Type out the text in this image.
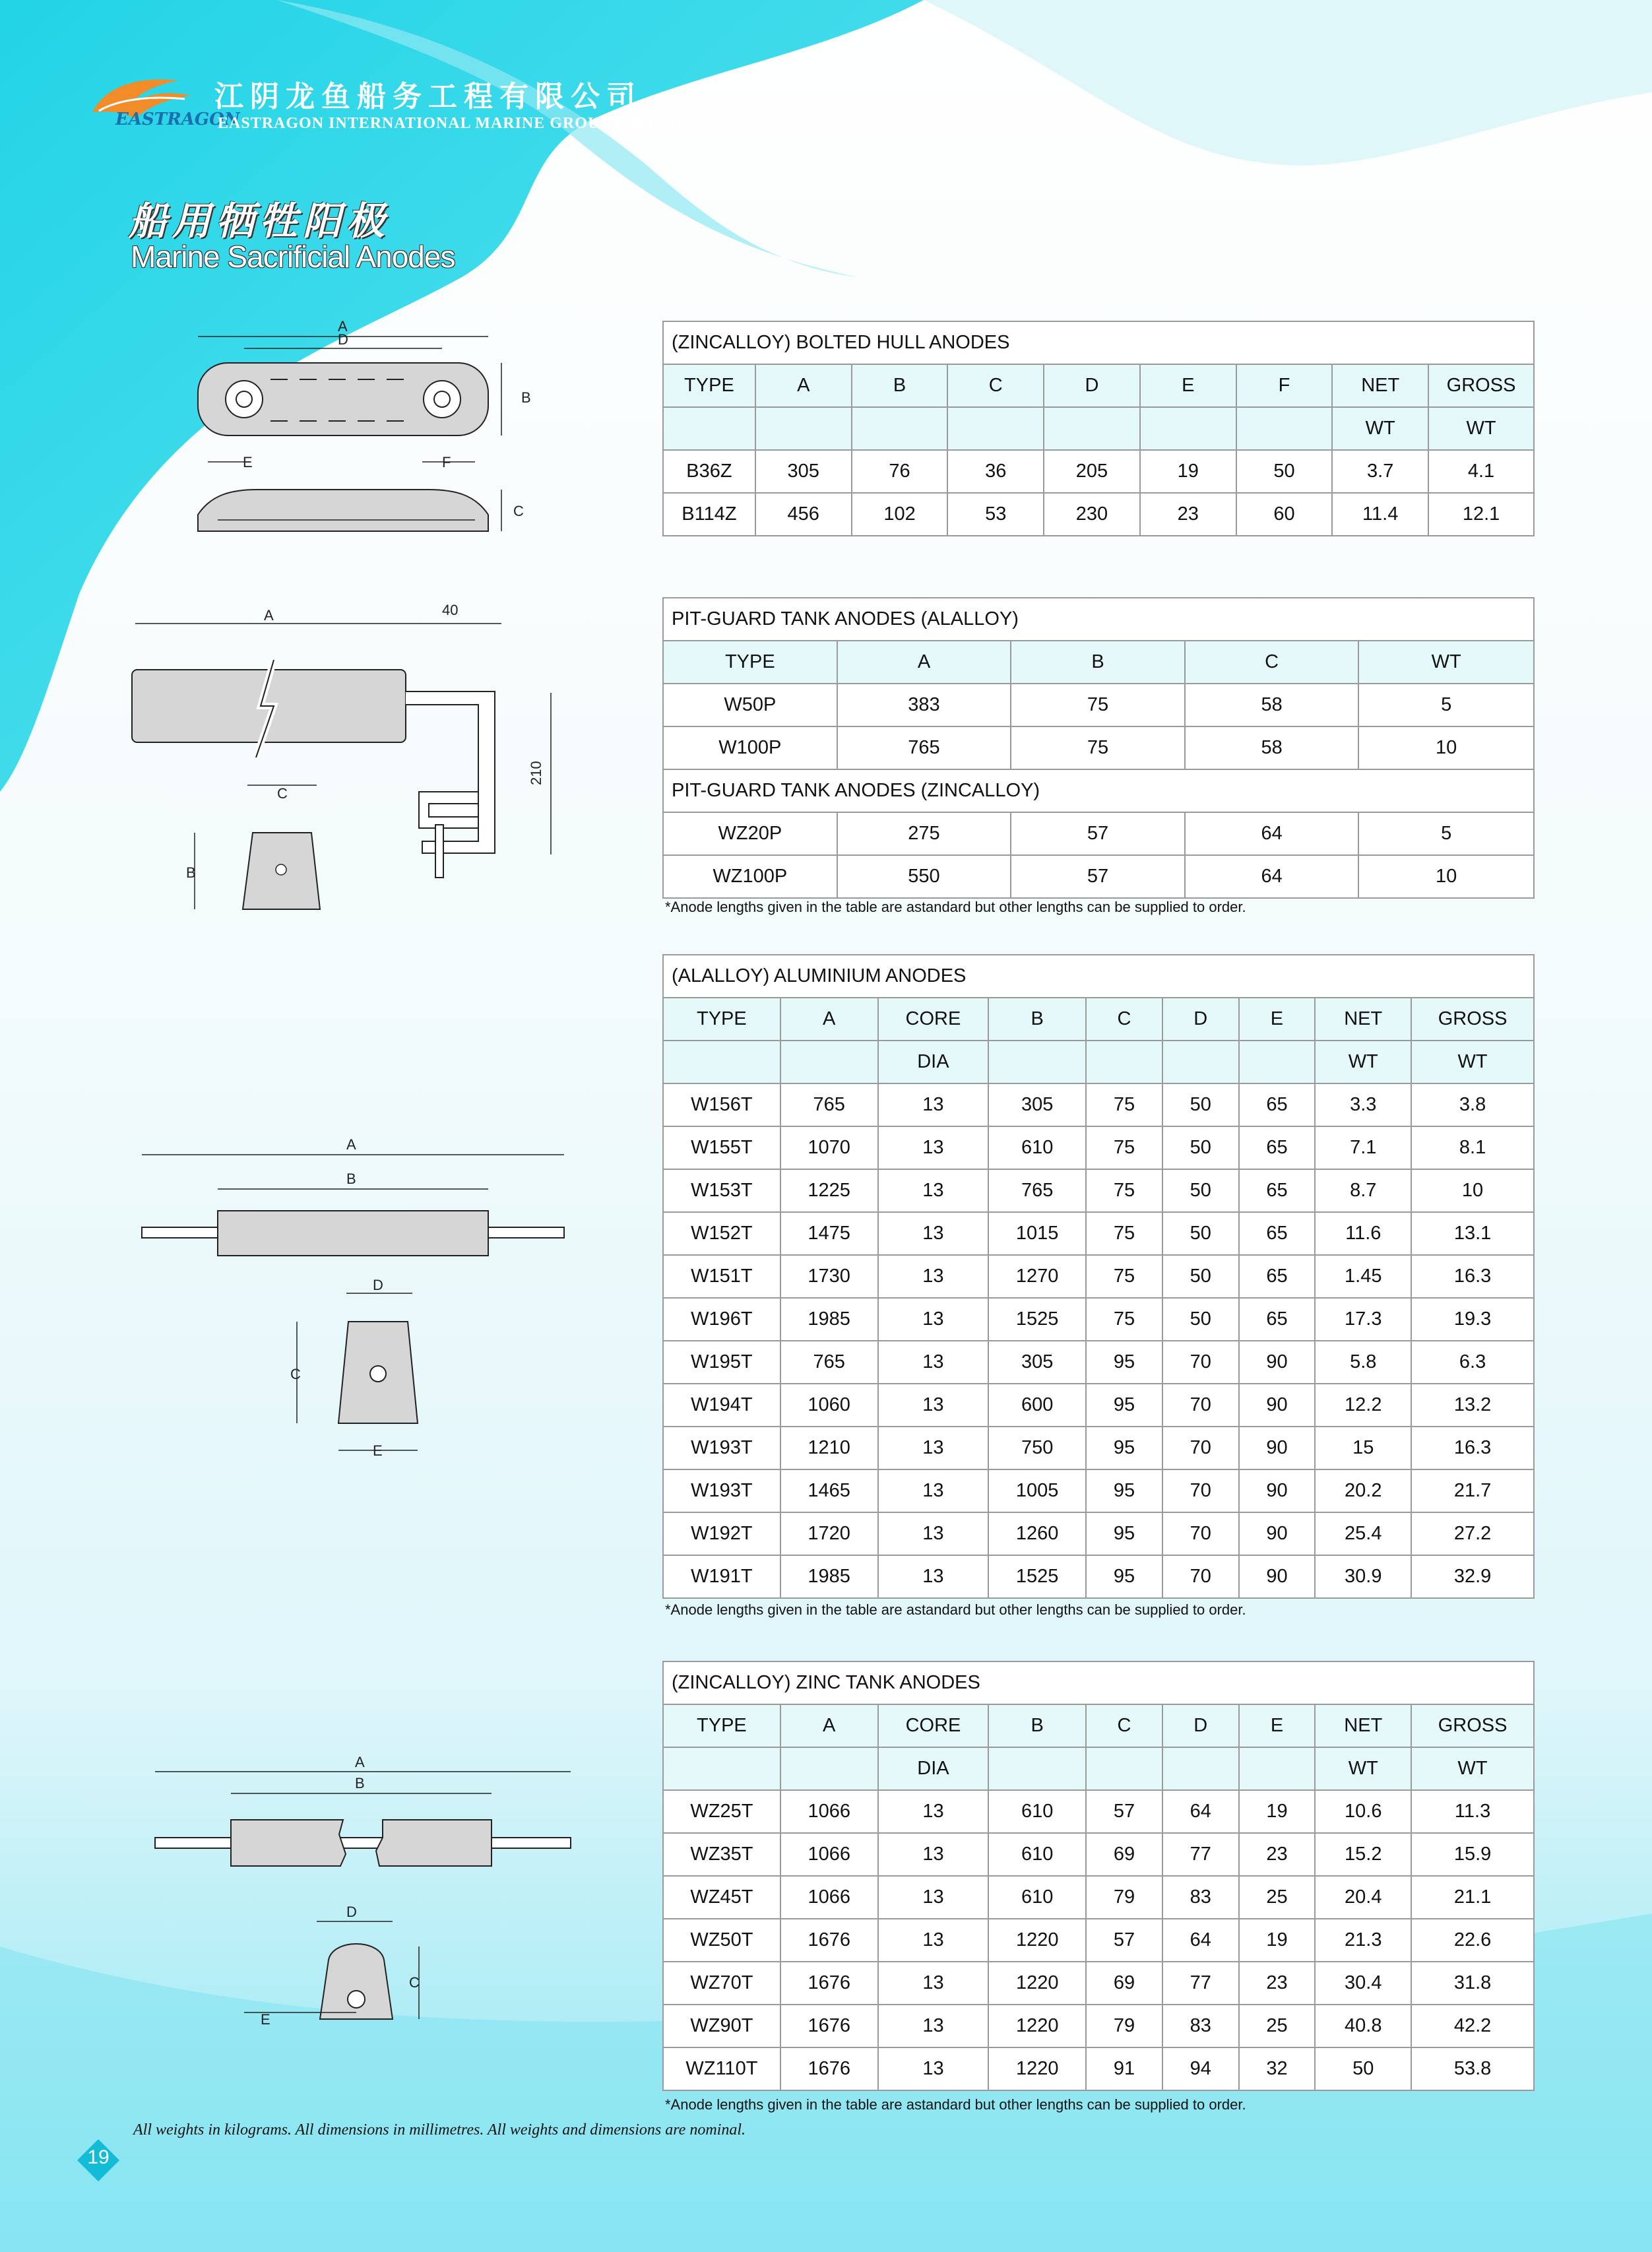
EASTRAGON
江阴龙鱼船务工程有限公司
EASTRAGON INTERNATIONAL MARINE GROUP LIMITED
船用牺牲阳极
Marine Sacrificial Anodes
A
D
B
E	F
C
A	40
210
C
B
A
B
D
C
E
A
B
D
C
E
(ZINCALLOY) BOLTED HULL ANODES								
TYPE	A	B	C	D	E	F	NET	GROSS
							WT	WT
B36Z	305	76	36	205	19	50	3.7	4.1
B114Z	456	102	53	230	23	60	11.4	12.1
PIT-GUARD TANK ANODES (ALALLOY)				
TYPE	A	B	C	WT
W50P	383	75	58	5
W100P	765	75	58	10
PIT-GUARD TANK ANODES (ZINCALLOY)				
WZ20P	275	57	64	5
WZ100P	550	57	64	10
*Anode lengths given in the table are astandard but other lengths can be supplied to order.
(ALALLOY) ALUMINIUM ANODES								
TYPE	A	CORE	B	C	D	E	NET	GROSS
		DIA					WT	WT
W156T	765	13	305	75	50	65	3.3	3.8
W155T	1070	13	610	75	50	65	7.1	8.1
W153T	1225	13	765	75	50	65	8.7	10
W152T	1475	13	1015	75	50	65	11.6	13.1
W151T	1730	13	1270	75	50	65	1.45	16.3
W196T	1985	13	1525	75	50	65	17.3	19.3
W195T	765	13	305	95	70	90	5.8	6.3
W194T	1060	13	600	95	70	90	12.2	13.2
W193T	1210	13	750	95	70	90	15	16.3
W193T	1465	13	1005	95	70	90	20.2	21.7
W192T	1720	13	1260	95	70	90	25.4	27.2
W191T	1985	13	1525	95	70	90	30.9	32.9
*Anode lengths given in the table are astandard but other lengths can be supplied to order.
(ZINCALLOY) ZINC TANK ANODES								
TYPE	A	CORE	B	C	D	E	NET	GROSS
		DIA					WT	WT
WZ25T	1066	13	610	57	64	19	10.6	11.3
WZ35T	1066	13	610	69	77	23	15.2	15.9
WZ45T	1066	13	610	79	83	25	20.4	21.1
WZ50T	1676	13	1220	57	64	19	21.3	22.6
WZ70T	1676	13	1220	69	77	23	30.4	31.8
WZ90T	1676	13	1220	79	83	25	40.8	42.2
WZ110T	1676	13	1220	91	94	32	50	53.8
*Anode lengths given in the table are astandard but other lengths can be supplied to order.
All weights in kilograms. All dimensions in millimetres. All weights and dimensions are nominal.
19
